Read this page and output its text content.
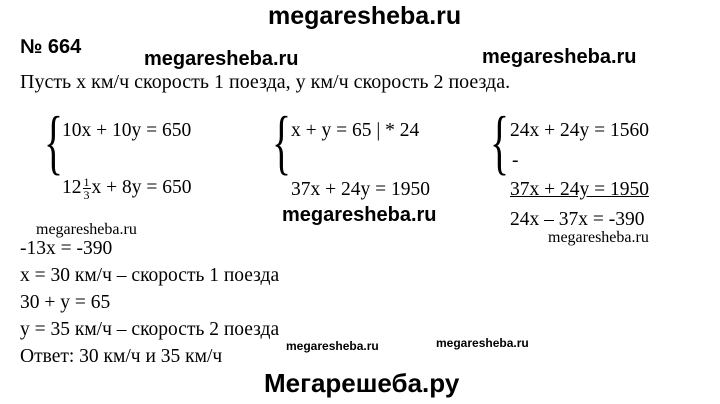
megaresheba.ru
megaresheba.ru	megaresheba.ru
megaresheba.ru
megaresheba.ru
megaresheba.ru
megaresheba.ru	megaresheba.ru
Мегарешеба.ру
№ 664
Пусть х км/ч скорость 1 поезда, у км/ч скорость 2 поезда.
{
10x + 10y = 650
$12 \frac{1}{3}$ x + 8y = 650
{ x + y = 65 | * 24
37x + 24y = 1950
{ 24x + 24y = 1560
-
37x + 24y = 1950
24x – 37x = -390
-13x = -390
x = 30 км/ч – скорость 1 поезда
30 + y = 65
y = 35 км/ч – скорость 2 поезда
Ответ: 30 км/ч и 35 км/ч
